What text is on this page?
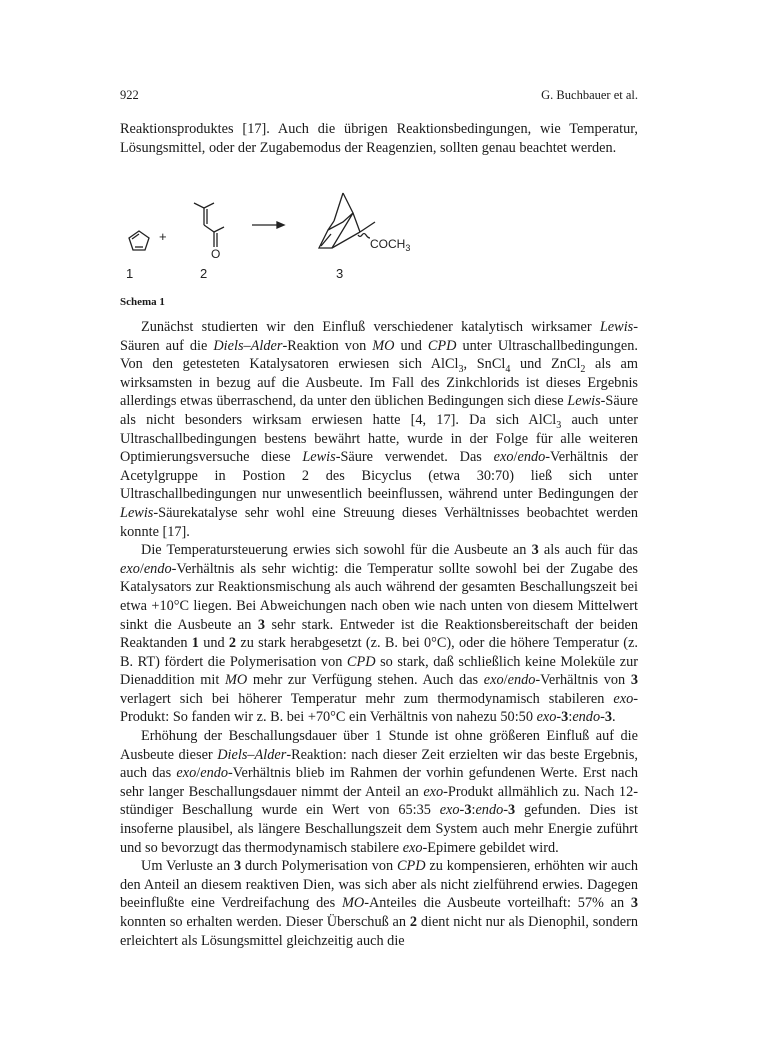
922	G. Buchbauer et al.

Reaktionsproduktes [17]. Auch die übrigen Reaktionsbedingungen, wie Temperatur, Lösungsmittel, oder der Zugabemodus der Reagenzien, sollten genau beachtet werden.

+
O
$COCH_3$
1	2	3
Schema 1

Zunächst studierten wir den Einfluß verschiedener katalytisch wirksamer Lewis-Säuren auf die Diels–Alder-Reaktion von MO und CPD unter Ultraschallbedingungen. Von den getesteten Katalysatoren erwiesen sich AlCl$_3$, SnCl$_4$ und ZnCl$_2$ als am wirksamsten in bezug auf die Ausbeute. Im Fall des Zinkchlorids ist dieses Ergebnis allerdings etwas überraschend, da unter den üblichen Bedingungen sich diese Lewis-Säure als nicht besonders wirksam erwiesen hatte [4, 17]. Da sich AlCl$_3$ auch unter Ultraschallbedingungen bestens bewährt hatte, wurde in der Folge für alle weiteren Optimierungsversuche diese Lewis-Säure verwendet. Das exo/endo-Verhältnis der Acetylgruppe in Postion 2 des Bicyclus (etwa 30:70) ließ sich unter Ultraschallbedingungen nur unwesentlich beeinflussen, während unter Bedingungen der Lewis-Säurekatalyse sehr wohl eine Streuung dieses Verhältnisses beobachtet werden konnte [17].

Die Temperatursteuerung erwies sich sowohl für die Ausbeute an 3 als auch für das exo/endo-Verhältnis als sehr wichtig: die Temperatur sollte sowohl bei der Zugabe des Katalysators zur Reaktionsmischung als auch während der gesamten Beschallungszeit bei etwa +10°C liegen. Bei Abweichungen nach oben wie nach unten von diesem Mittelwert sinkt die Ausbeute an 3 sehr stark. Entweder ist die Reaktionsbereitschaft der beiden Reaktanden 1 und 2 zu stark herabgesetzt (z. B. bei 0°C), oder die höhere Temperatur (z. B. RT) fördert die Polymerisation von CPD so stark, daß schließlich keine Moleküle zur Dienaddition mit MO mehr zur Verfügung stehen. Auch das exo/endo-Verhältnis von 3 verlagert sich bei höherer Temperatur mehr zum thermodynamisch stabileren exo-Produkt: So fanden wir z. B. bei +70°C ein Verhältnis von nahezu 50:50 exo-3:endo-3.

Erhöhung der Beschallungsdauer über 1 Stunde ist ohne größeren Einfluß auf die Ausbeute dieser Diels–Alder-Reaktion: nach dieser Zeit erzielten wir das beste Ergebnis, auch das exo/endo-Verhältnis blieb im Rahmen der vorhin gefundenen Werte. Erst nach sehr langer Beschallungsdauer nimmt der Anteil an exo-Produkt allmählich zu. Nach 12-stündiger Beschallung wurde ein Wert von 65:35 exo-3:endo-3 gefunden. Dies ist insoferne plausibel, als längere Beschallungszeit dem System auch mehr Energie zuführt und so bevorzugt das thermodynamisch stabilere exo-Epimere gebildet wird.

Um Verluste an 3 durch Polymerisation von CPD zu kompensieren, erhöhten wir auch den Anteil an diesem reaktiven Dien, was sich aber als nicht zielführend erwies. Dagegen beeinflußte eine Verdreifachung des MO-Anteiles die Ausbeute vorteilhaft: 57% an 3 konnten so erhalten werden. Dieser Überschuß an 2 dient nicht nur als Dienophil, sondern erleichtert als Lösungsmittel gleichzeitig auch die
